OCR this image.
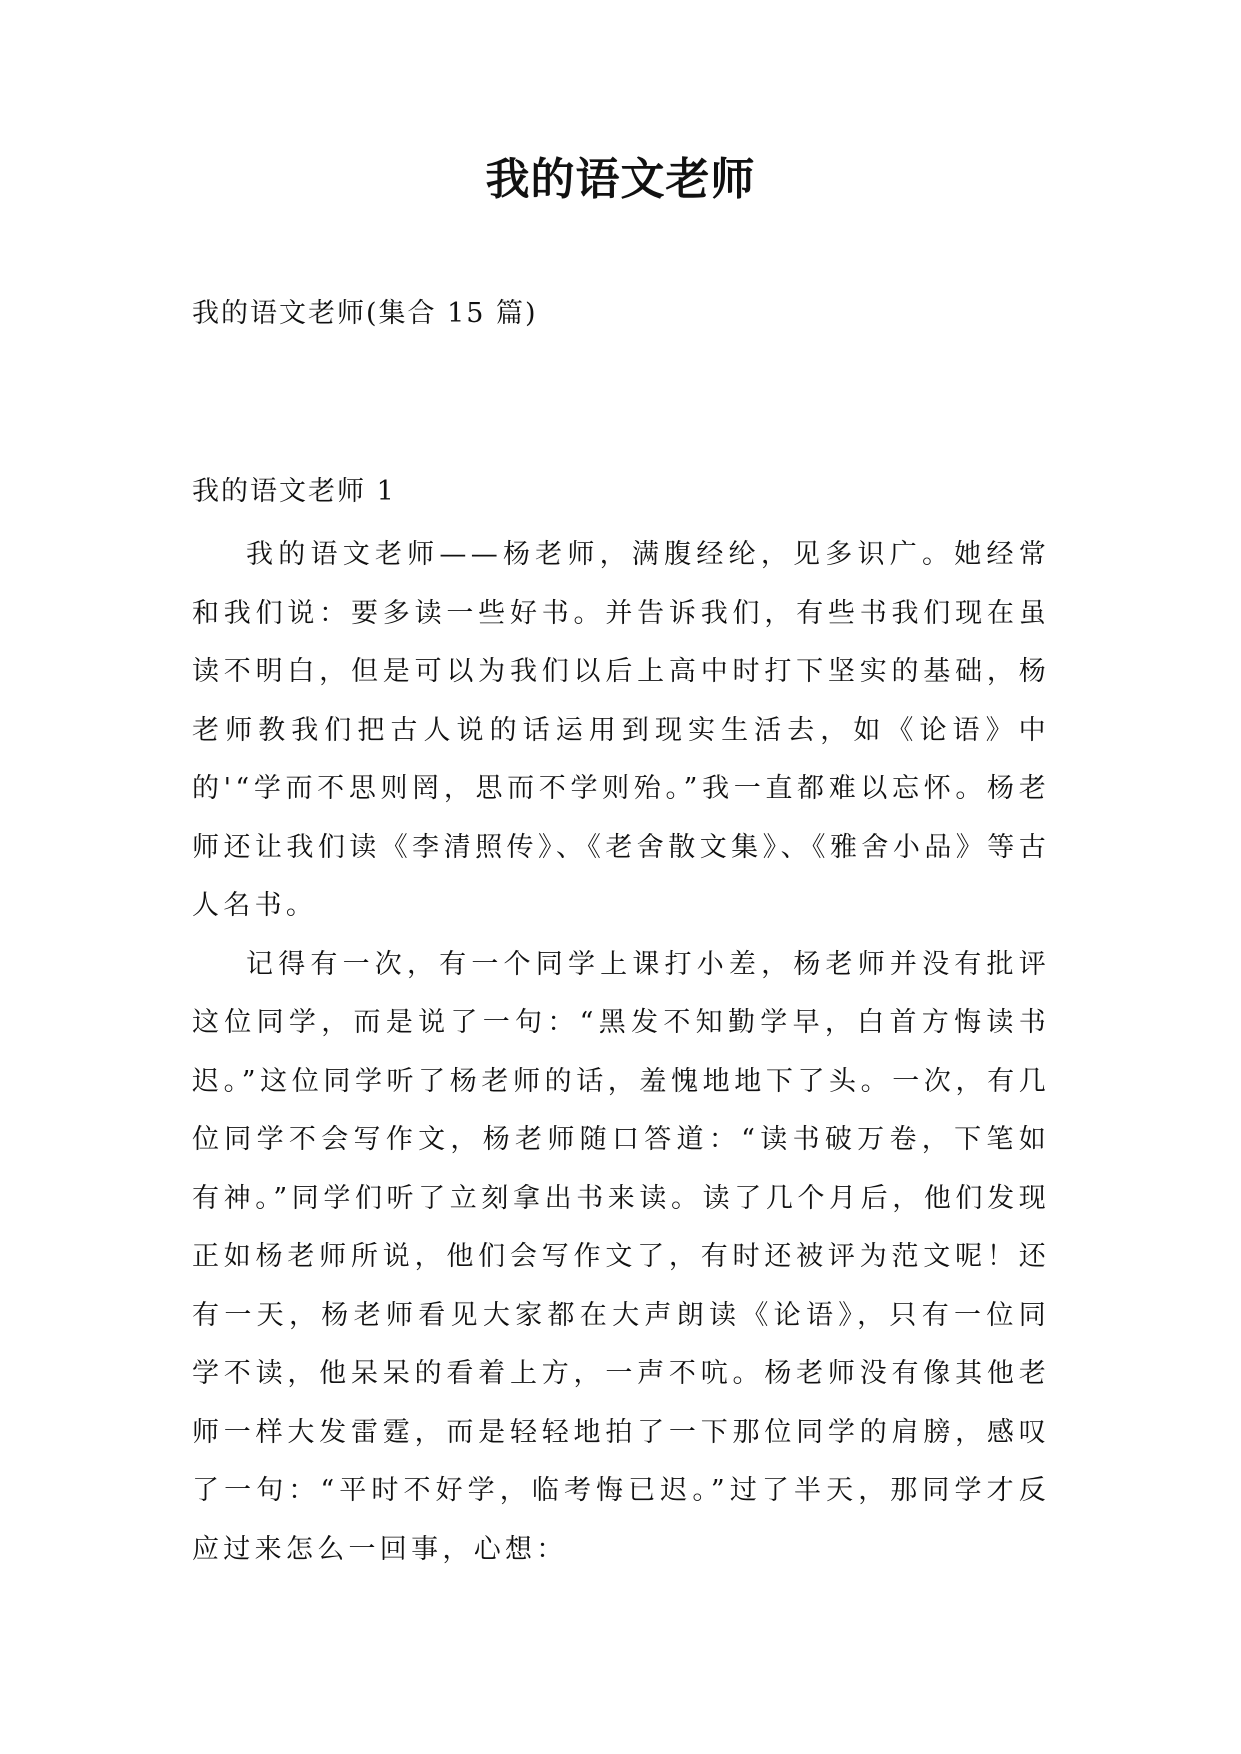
我的语文老师
我的语文老师(集合 15 篇)
我的语文老师 1

我的语文老师——杨老师，满腹经纶，见多识广。她经常和我们说：要多读一些好书。并告诉我们，有些书我们现在虽读不明白，但是可以为我们以后上高中时打下坚实的基础，杨老师教我们把古人说的话运用到现实生活去，如《论语》中的'“学而不思则罔，思而不学则殆。”我一直都难以忘怀。杨老师还让我们读《李清照传》、《老舍散文集》、《雅舍小品》等古人名书。

记得有一次，有一个同学上课打小差，杨老师并没有批评 这位同学，而是说了一句：“黑发不知勤学早，白首方悔读书迟。”这位同学听了杨老师的话，羞愧地地下了头。一次，有几位同学不会写作文，杨老师随口答道：“读书破万卷，下笔如有神。”同学们听了立刻拿出书来读。读了几个月后，他们发现正如杨老师所说，他们会写作文了，有时还被评为范文呢！还有一天，杨老师看见大家都在大声朗读《论语》，只有一位同学不读，他呆呆的看着上方，一声不吭。杨老师没有像其他老师一样大发雷霆，而是轻轻地拍了一下那位同学的肩膀，感叹了一句：“平时不好学，临考悔已迟。”过了半天，那同学才反应过来怎么一回事，心想：
